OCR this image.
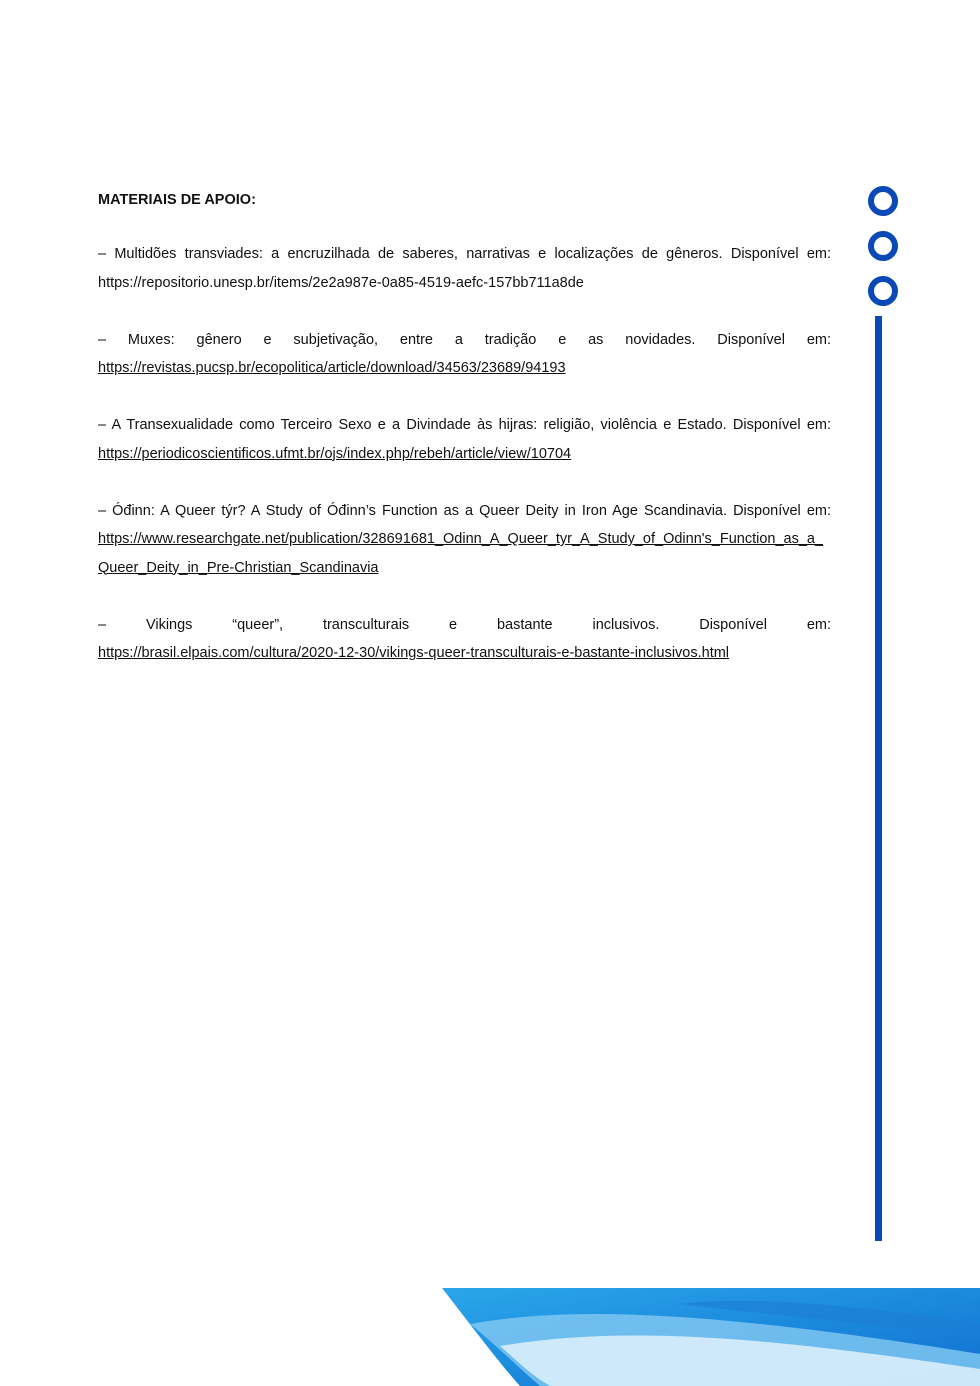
MATERIAIS DE APOIO:

– Multidões transviades: a encruzilhada de saberes, narrativas e localizações de gêneros. Disponível em:
https://repositorio.unesp.br/items/2e2a987e-0a85-4519-aefc-157bb711a8de
– Muxes: gênero e subjetivação, entre a tradição e as novidades. Disponível em:
https://revistas.pucsp.br/ecopolitica/article/download/34563/23689/94193
– A Transexualidade como Terceiro Sexo e a Divindade às hijras: religião, violência e Estado. Disponível em:
https://periodicoscientificos.ufmt.br/ojs/index.php/rebeh/article/view/10704
– Óđinn: A Queer týr? A Study of Óđinn’s Function as a Queer Deity in Iron Age Scandinavia. Disponível em:
https://www.researchgate.net/publication/328691681_Odinn_A_Queer_tyr_A_Study_of_Odinn's_Function_as_a_Queer_Deity_in_Pre-Christian_Scandinavia
– Vikings “queer”, transculturais e bastante inclusivos. Disponível em:
https://brasil.elpais.com/cultura/2020-12-30/vikings-queer-transculturais-e-bastante-inclusivos.html
